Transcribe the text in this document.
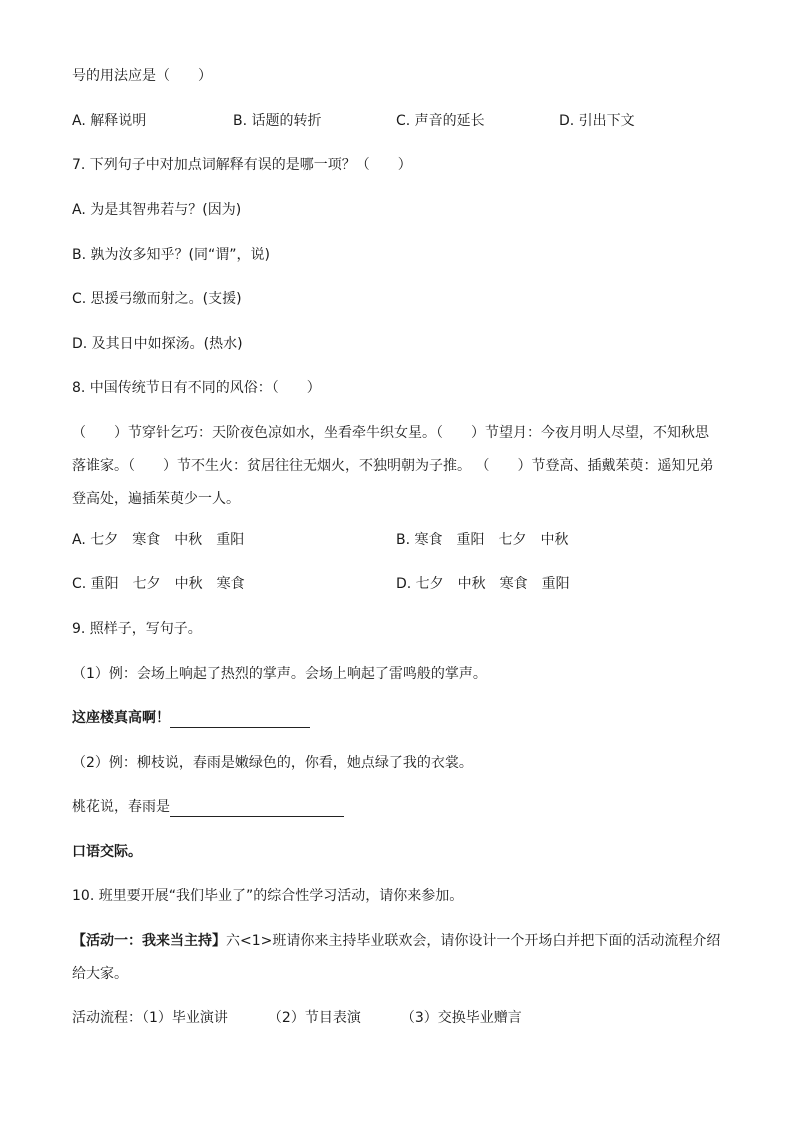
号的用法应是（　　）
A. 解释说明	B. 话题的转折	C. 声音的延长	D. 引出下文
7. 下列句子中对加点词解释有误的是哪一项？（　　）
A. 为是其智弗若与？(因为)
B. 孰为汝多知乎？(同“谓”，说)
C. 思援弓缴而射之。(支援)
D. 及其日中如探汤。(热水)
8. 中国传统节日有不同的风俗：（　　）
（　　）节穿针乞巧：天阶夜色凉如水，坐看牵牛织女星。（　　）节望月：今夜月明人尽望，不知秋思
落谁家。（　　）节不生火：贫居往往无烟火，不独明朝为子推。 （　　）节登高、插戴茱萸：遥知兄弟
登高处，遍插茱萸少一人。
A. 七夕　寒食　中秋　重阳	B. 寒食　重阳　七夕　中秋
C. 重阳　七夕　中秋　寒食	D. 七夕　中秋　寒食　重阳
9. 照样子，写句子。
（1）例：会场上响起了热烈的掌声。会场上响起了雷鸣般的掌声。
这座楼真高啊！
（2）例：柳枝说，春雨是嫩绿色的，你看，她点绿了我的衣裳。
桃花说，春雨是
口语交际。
10. 班里要开展“我们毕业了”的综合性学习活动，请你来参加。
【活动一：我来当主持】六<1>班请你来主持毕业联欢会，请你设计一个开场白并把下面的活动流程介绍
给大家。
活动流程：（1）毕业演讲	（2）节目表演	（3）交换毕业赠言
